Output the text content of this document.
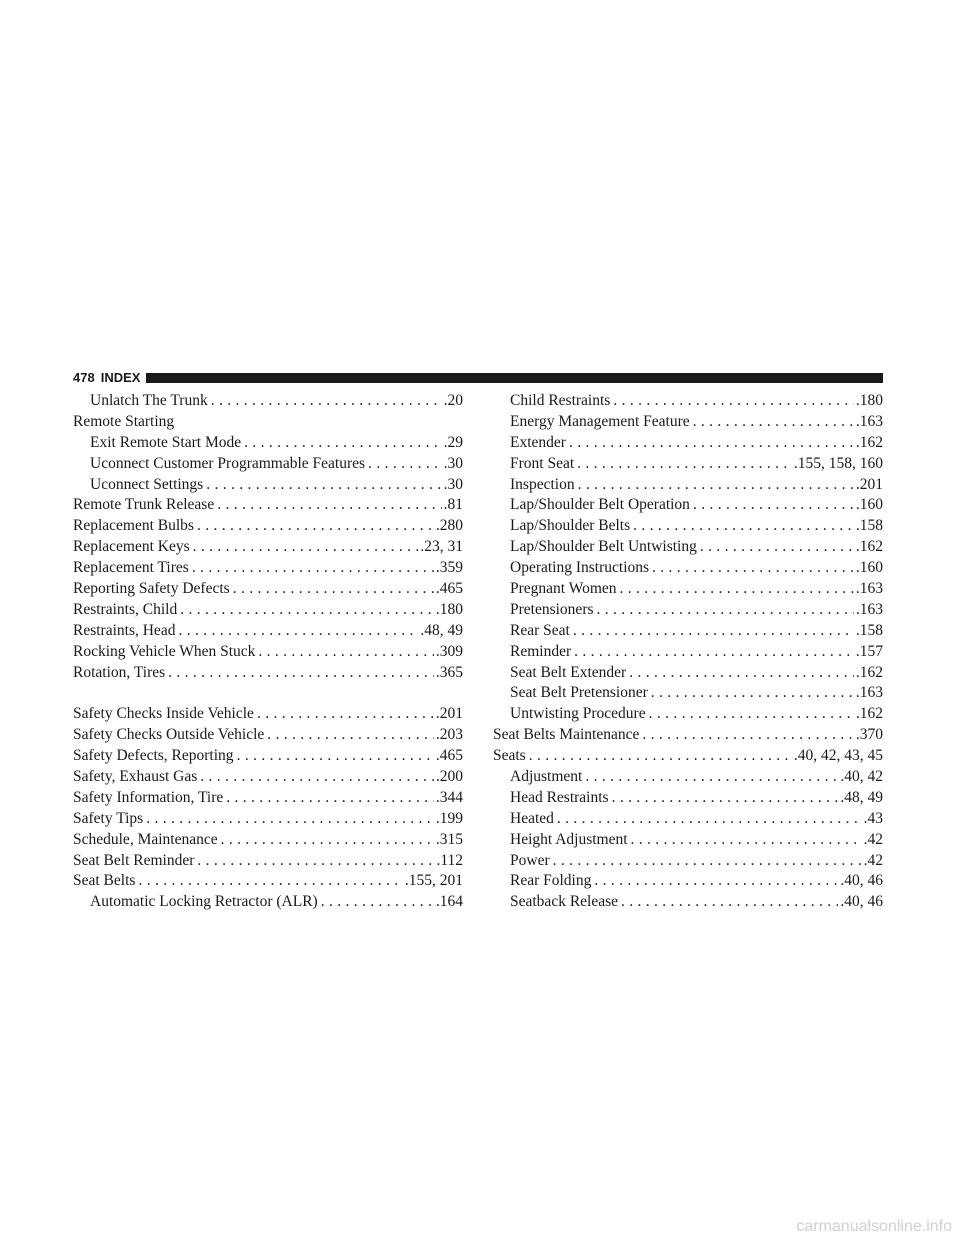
478 INDEX
Unlatch The Trunk . . .	.20
Remote Starting
Exit Remote Start Mode . . .	.29
Uconnect Customer Programmable Features . . .	.30
Uconnect Settings . . .	.30
Remote Trunk Release . . .	.81
Replacement Bulbs . . .	.280
Replacement Keys . . .	.23, 31
Replacement Tires . . .	.359
Reporting Safety Defects . . .	.465
Restraints, Child . . .	.180
Restraints, Head . . .	.48, 49
Rocking Vehicle When Stuck . . .	.309
Rotation, Tires . . .	.365
Safety Checks Inside Vehicle . . .	.201
Safety Checks Outside Vehicle . . .	.203
Safety Defects, Reporting . . .	.465
Safety, Exhaust Gas . . .	.200
Safety Information, Tire . . .	.344
Safety Tips . . .	.199
Schedule, Maintenance . . .	.315
Seat Belt Reminder . . .	.112
Seat Belts . . .	.155, 201
Automatic Locking Retractor (ALR) . . .	.164
Child Restraints . . .	.180
Energy Management Feature . . .	.163
Extender . . .	.162
Front Seat . . .	.155, 158, 160
Inspection . . .	.201
Lap/Shoulder Belt Operation . . .	.160
Lap/Shoulder Belts . . .	.158
Lap/Shoulder Belt Untwisting . . .	.162
Operating Instructions . . .	.160
Pregnant Women . . .	.163
Pretensioners . . .	.163
Rear Seat . . .	.158
Reminder . . .	.157
Seat Belt Extender . . .	.162
Seat Belt Pretensioner . . .	.163
Untwisting Procedure . . .	.162
Seat Belts Maintenance . . .	.370
Seats . . .	.40, 42, 43, 45
Adjustment . . .	.40, 42
Head Restraints . . .	.48, 49
Heated . . .	.43
Height Adjustment . . .	.42
Power . . .	.42
Rear Folding . . .	.40, 46
Seatback Release . . .	.40, 46
carmanualsonline.info
